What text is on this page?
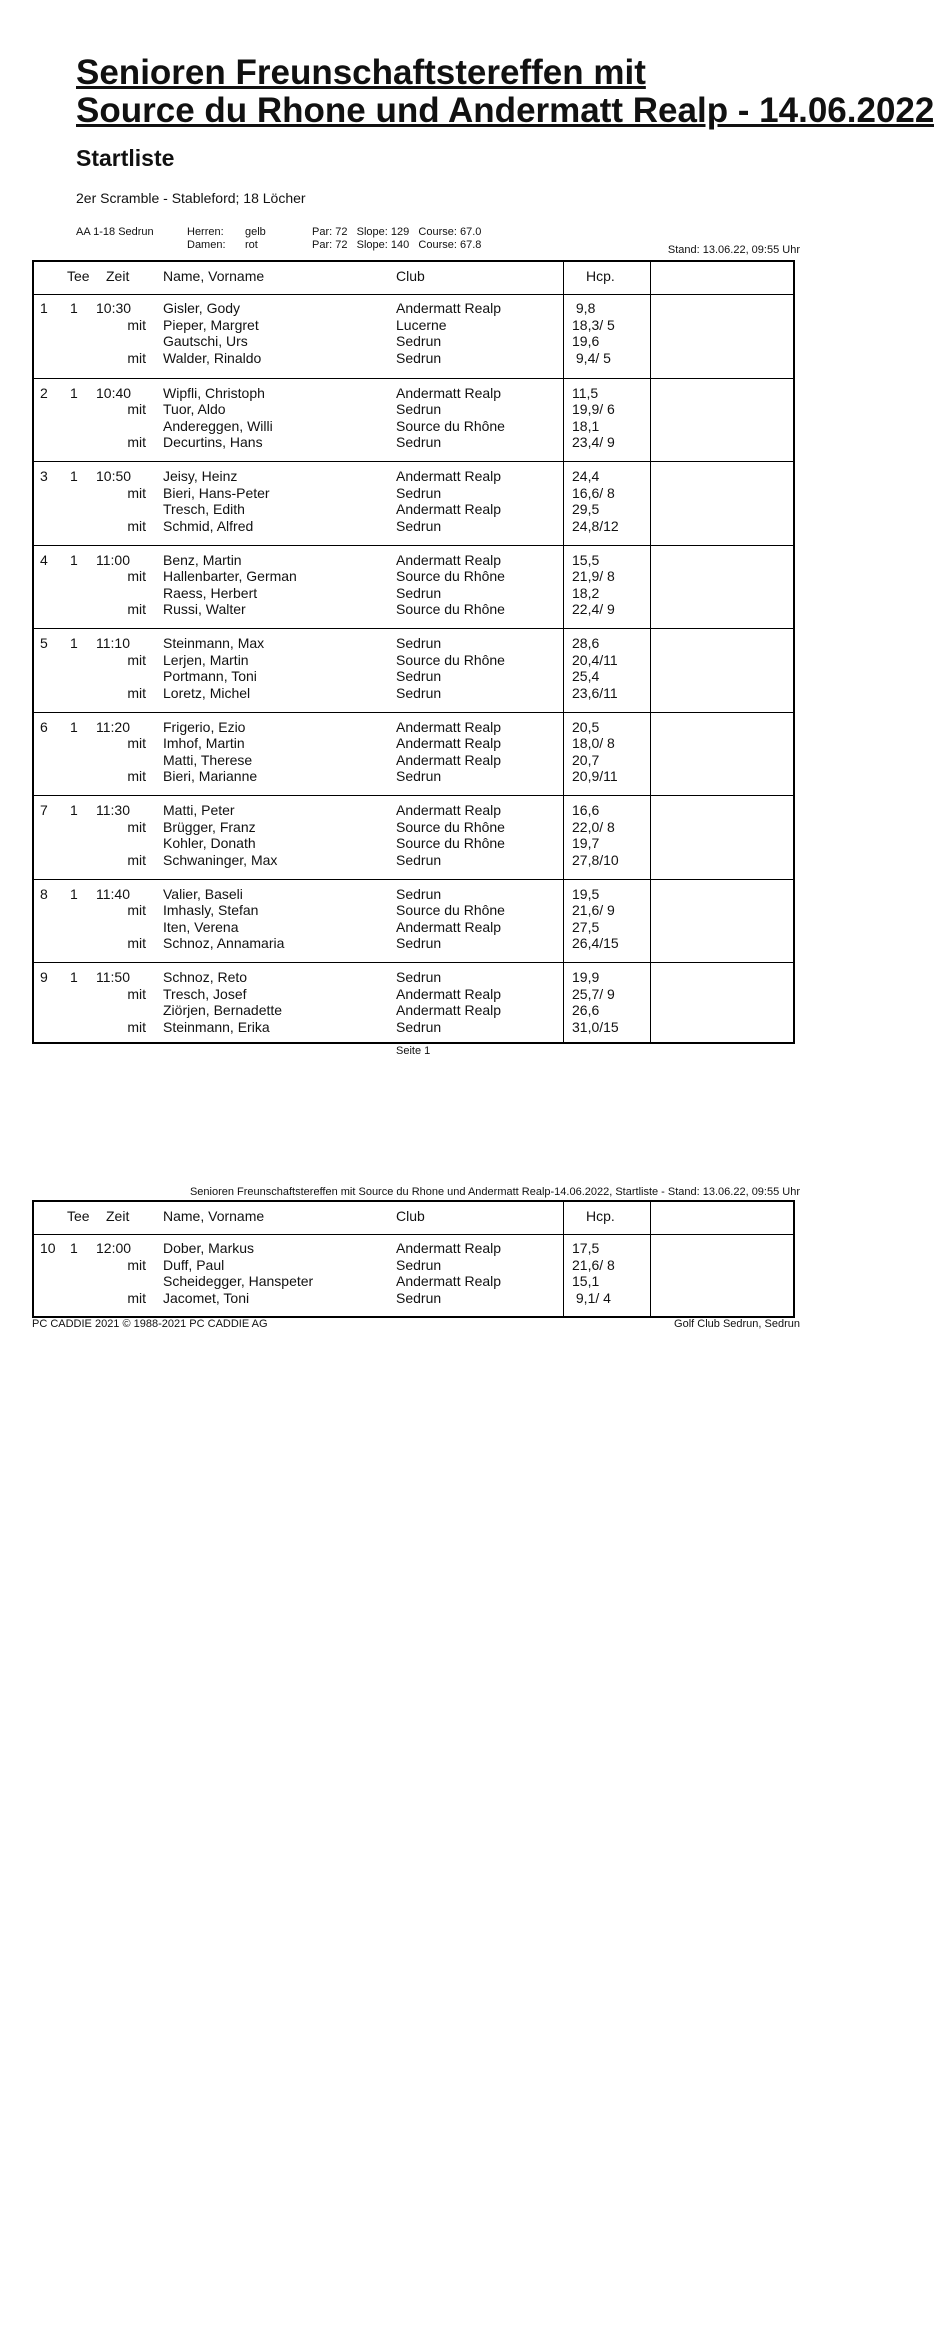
Senioren Freunschaftstereffen mit
Source du Rhone und Andermatt Realp - 14.06.2022
Startliste
2er Scramble - Stableford; 18 Löcher
AA 1-18 Sedrun	Herren: gelb	Par: 72   Slope: 129   Course: 67.0
Damen: rot	Par: 72   Slope: 140   Course: 67.8	Stand: 13.06.22, 09:55 Uhr
Tee Zeit Name, Vorname	Club	Hcp.
1 1 10:30 Gisler, Gody	Andermatt Realp	9,8
mit Pieper, Margret	Lucerne	18,3/ 5
Gautschi, Urs	Sedrun	19,6
mit Walder, Rinaldo	Sedrun	9,4/ 5
2 1 10:40 Wipfli, Christoph	Andermatt Realp	11,5
mit Tuor, Aldo	Sedrun	19,9/ 6
Andereggen, Willi	Source du Rhône	18,1
mit Decurtins, Hans	Sedrun	23,4/ 9
3 1 10:50 Jeisy, Heinz	Andermatt Realp	24,4
mit Bieri, Hans-Peter	Sedrun	16,6/ 8
Tresch, Edith	Andermatt Realp	29,5
mit Schmid, Alfred	Sedrun	24,8/12
4 1 11:00 Benz, Martin	Andermatt Realp	15,5
mit Hallenbarter, German	Source du Rhône	21,9/ 8
Raess, Herbert	Sedrun	18,2
mit Russi, Walter	Source du Rhône	22,4/ 9
5 1 11:10 Steinmann, Max	Sedrun	28,6
mit Lerjen, Martin	Source du Rhône	20,4/11
Portmann, Toni	Sedrun	25,4
mit Loretz, Michel	Sedrun	23,6/11
6 1 11:20 Frigerio, Ezio	Andermatt Realp	20,5
mit Imhof, Martin	Andermatt Realp	18,0/ 8
Matti, Therese	Andermatt Realp	20,7
mit Bieri, Marianne	Sedrun	20,9/11
7 1 11:30 Matti, Peter	Andermatt Realp	16,6
mit Brügger, Franz	Source du Rhône	22,0/ 8
Kohler, Donath	Source du Rhône	19,7
mit Schwaninger, Max	Sedrun	27,8/10
8 1 11:40 Valier, Baseli	Sedrun	19,5
mit Imhasly, Stefan	Source du Rhône	21,6/ 9
Iten, Verena	Andermatt Realp	27,5
mit Schnoz, Annamaria	Sedrun	26,4/15
9 1 11:50 Schnoz, Reto	Sedrun	19,9
mit Tresch, Josef	Andermatt Realp	25,7/ 9
Ziörjen, Bernadette	Andermatt Realp	26,6
mit Steinmann, Erika	Sedrun	31,0/15
Seite 1
Senioren Freunschaftstereffen mit Source du Rhone und Andermatt Realp-14.06.2022, Startliste - Stand: 13.06.22, 09:55 Uhr
Tee Zeit Name, Vorname	Club	Hcp.
10 1 12:00 Dober, Markus	Andermatt Realp	17,5
mit Duff, Paul	Sedrun	21,6/ 8
Scheidegger, Hanspeter	Andermatt Realp	15,1
mit Jacomet, Toni	Sedrun	9,1/ 4
PC CADDIE 2021 © 1988-2021 PC CADDIE AG	Golf Club Sedrun, Sedrun
